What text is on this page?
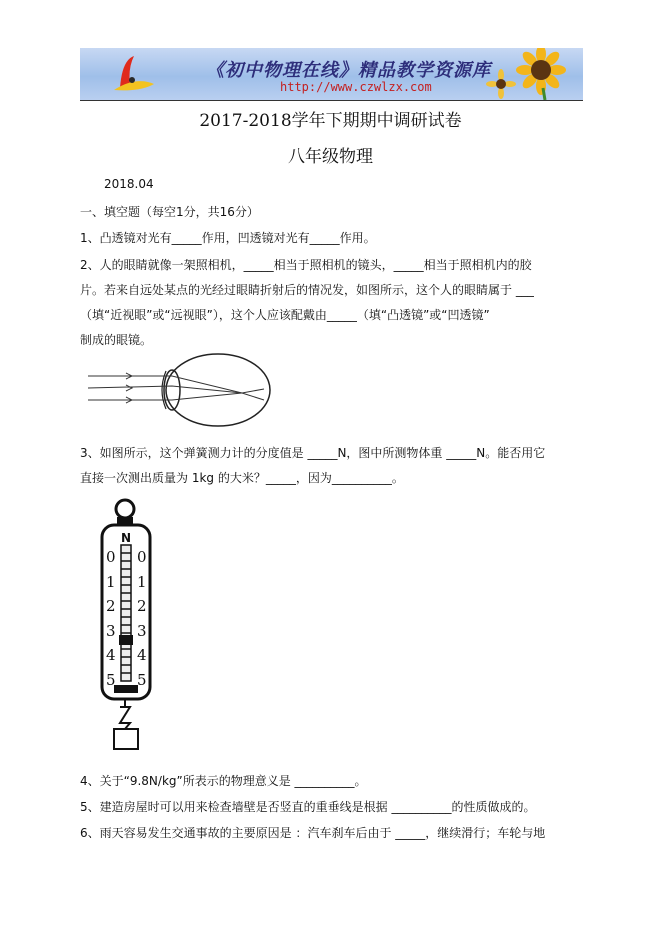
《初中物理在线》精品教学资源库
http://www.czwlzx.com
2017-2018学年下期期中调研试卷
八年级物理
2018.04
一、填空题（每空1分，共16分）
1、凸透镜对光有_____作用，凹透镜对光有_____作用。
2、人的眼睛就像一架照相机，_____相当于照相机的镜头，_____相当于照相机内的胶
片。若来自远处某点的光经过眼睛折射后的情况发，如图所示，这个人的眼睛属于 ___
（填“近视眼”或“远视眼”），这个人应该配戴由_____（填“凸透镜”或“凹透镜”
制成的眼镜。
3、如图所示，这个弹簧测力计的分度值是 _____N，图中所测物体重 _____N。能否用它
直接一次测出质量为 1kg 的大米？_____，因为__________。
N
0
1
2
3
4
5
0
1
2
3
4
5
4、关于“9.8N/kg”所表示的物理意义是 __________。
5、建造房屋时可以用来检查墙壁是否竖直的重垂线是根据 __________的性质做成的。
6、雨天容易发生交通事故的主要原因是 ：汽车刹车后由于 _____，继续滑行；车轮与地
